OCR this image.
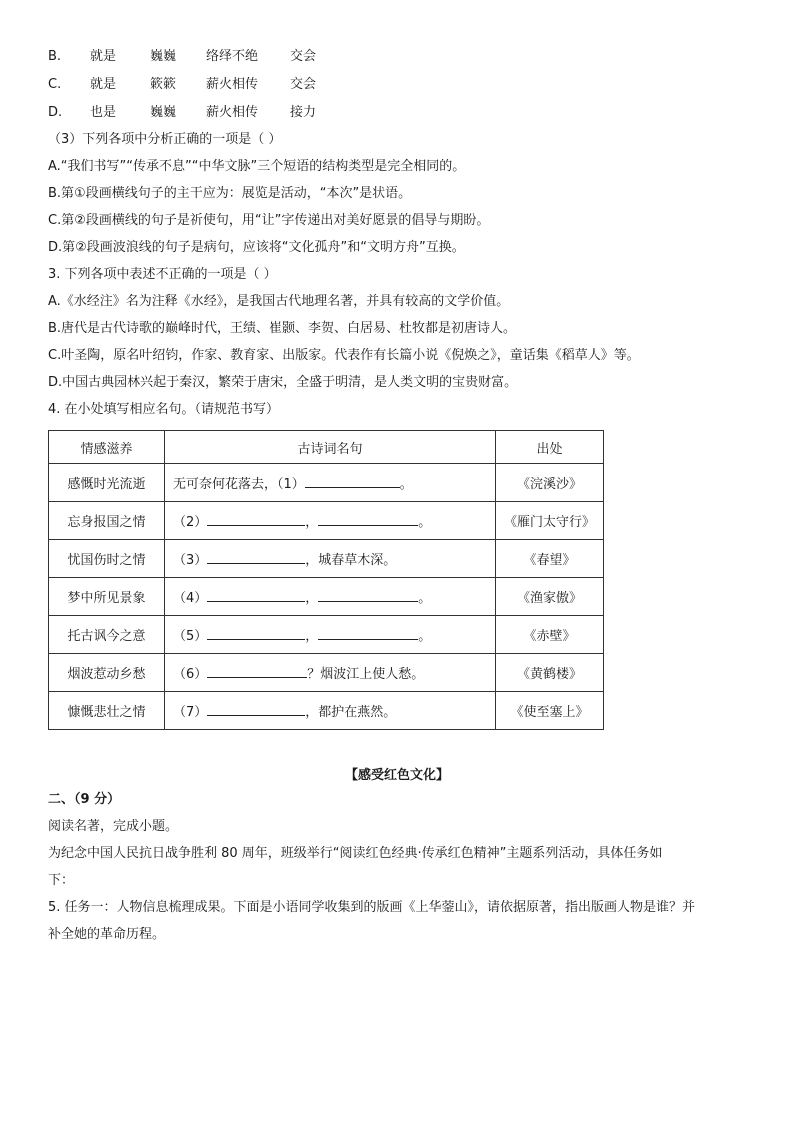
B. 就是	巍巍 络绎不绝 交会
C. 就是	簌簌 薪火相传 交会
D. 也是	巍巍 薪火相传 接力
（3）下列各项中分析正确的一项是（ ）
A.“我们书写”“传承不息”“中华文脉”三个短语的结构类型是完全相同的。
B.第①段画横线句子的主干应为：展览是活动，“本次”是状语。
C.第②段画横线的句子是祈使句，用“让”字传递出对美好愿景的倡导与期盼。
D.第②段画波浪线的句子是病句，应该将“文化孤舟”和“文明方舟”互换。
3. 下列各项中表述不正确的一项是（ ）
A.《水经注》名为注释《水经》，是我国古代地理名著，并具有较高的文学价值。
B.唐代是古代诗歌的巅峰时代，王绩、崔颢、李贺、白居易、杜牧都是初唐诗人。
C.叶圣陶，原名叶绍钧，作家、教育家、出版家。代表作有长篇小说《倪焕之》，童话集《稻草人》等。
D.中国古典园林兴起于秦汉，繁荣于唐宋，全盛于明清，是人类文明的宝贵财富。
4. 在小处填写相应名句。（请规范书写）
情感滋养	古诗词名句	出处
感慨时光流逝	无可奈何花落去，（1） 。	《浣溪沙》
忘身报国之情	（2） ， 。	《雁门太守行》
忧国伤时之情	（3） ，城春草木深。	《春望》
梦中所见景象	（4） ， 。	《渔家傲》
托古讽今之意	（5） ， 。	《赤壁》
烟波惹动乡愁	（6） ？烟波江上使人愁。	《黄鹤楼》
慷慨悲壮之情	（7） ，都护在燕然。	《使至塞上》
【感受红色文化】
二、（9 分）
阅读名著，完成小题。
为纪念中国人民抗日战争胜利 80 周年，班级举行“阅读红色经典·传承红色精神”主题系列活动，具体任务如
下：
5. 任务一：人物信息梳理成果。下面是小语同学收集到的版画《上华蓥山》，请依据原著，指出版画人物是谁？并
补全她的革命历程。
